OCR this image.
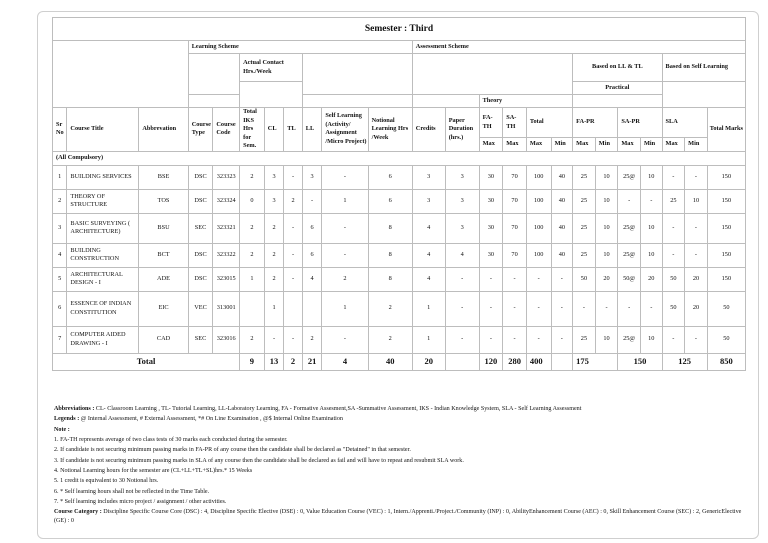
Semester : Third																							
			Learning Scheme								Assessment Scheme												
					Actual Contact Hrs./Week												Based on LL & TL				Based on Self Learning		
																	Practical						
													Theory										
Sr No	Course Title	Abbrevation	Course Type	Course Code	Total IKS Hrs for Sem.	CL	TL	LL	Self Learning (Activity/ Assignment /Micro Project)	Notional Learning Hrs /Week	Credits	Paper Duration (hrs.)	FA-TH	SA-TH	Total		FA-PR		SA-PR		SLA		Total Marks
													Max	Max	Max	Min	Max	Min	Max	Min	Max	Min	
(All Compulsory)																							
1	BUILDING SERVICES	BSE	DSC	323323	2	3	-	3	-	6	3	3	30	70	100	40	25	10	25@	10	-	-	150
2	THEORY OF STRUCTURE	TOS	DSC	323324	0	3	2	-	1	6	3	3	30	70	100	40	25	10	-	-	25	10	150
3	BASIC SURVEYING ( ARCHITECTURE)	BSU	SEC	323321	2	2	-	6	-	8	4	3	30	70	100	40	25	10	25@	10	-	-	150
4	BUILDING CONSTRUCTION	BCT	DSC	323322	2	2	-	6	-	8	4	4	30	70	100	40	25	10	25@	10	-	-	150
5	ARCHITECTURAL DESIGN - I	ADE	DSC	323015	1	2	-	4	2	8	4	-	-	-	-	-	50	20	50@	20	50	20	150
6	ESSENCE OF INDIAN CONSTITUTION	EIC	VEC	313001		1			1	2	1	-	-	-	-	-	-	-	-	-	50	20	50
7	COMPUTER AIDED DRAWING - I	CAD	SEC	323016	2	-	-	2	-	2	1	-	-	-	-	-	25	10	25@	10	-	-	50
Total					9	13	2	21	4	40	20		120	280	400		175		150		125		850

Abbreviations : CL- Classroom Learning , TL- Tutorial Learning, LL-Laboratory Learning, FA - Formative Assesment,SA -Summative Assessment, IKS - Indian Knowledge System, SLA - Self Learning Assessment

Legends : @ Internal Assessment, # External Assessment, *# On Line Examination , @$ Internal Online Examination

Note :

1. FA-TH represents average of two class tests of 30 marks each conducted during the semester.

2. If candidate is not securing minimum passing marks in FA-PR of any course then the candidate shall be declared as "Detained" in that semester.

3. If candidate is not securing minimum passing marks in SLA of any course then the candidate shall be declared as fail and will have to repeat and resubmit SLA work.

4. Notional Learning hours for the semester are (CL+LL+TL+SL)hrs.* 15 Weeks

5. 1 credit is equivalent to 30 Notional hrs.

6. * Self learning hours shall not be reflected in the Time Table.

7. * Self learning includes micro project / assignment / other activities.

Course Category : Discipline Specific Course Core (DSC) : 4, Discipline Specific Elective (DSE) : 0, Value Education Course (VEC) : 1, Intern./Apprenti./Project./Community (INP) : 0, AbilityEnhancement Course (AEC) : 0, Skill Enhancement Course (SEC) : 2, GenericElective (GE) : 0
